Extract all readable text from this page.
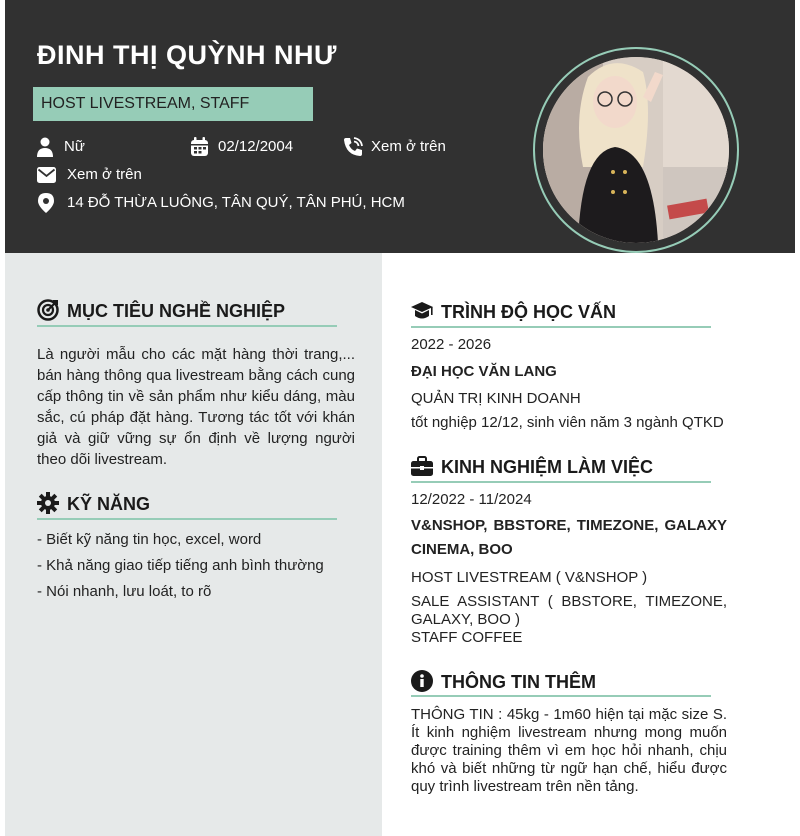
ĐINH THỊ QUỲNH NHƯ
HOST LIVESTREAM, STAFF
Nữ	02/12/2004	Xem ở trên
Xem ở trên
14 ĐỖ THỪA LUÔNG, TÂN QUÝ, TÂN PHÚ, HCM
MỤC TIÊU NGHỀ NGHIỆP
Là người mẫu cho các mặt hàng thời trang,... bán hàng thông qua livestream bằng cách cung cấp thông tin về sản phẩm như kiểu dáng, màu sắc, cú pháp đặt hàng. Tương tác tốt với khán giả và giữ vững sự ổn định về lượng người theo dõi livestream.
KỸ NĂNG
- Biết kỹ năng tin học, excel, word
- Khả năng giao tiếp tiếng anh bình thường
- Nói nhanh, lưu loát, to rõ
TRÌNH ĐỘ HỌC VẤN
2022 - 2026
ĐẠI HỌC VĂN LANG
QUẢN TRỊ KINH DOANH
tốt nghiệp 12/12, sinh viên năm 3 ngành QTKD
KINH NGHIỆM LÀM VIỆC
12/2022 - 11/2024
V&NSHOP, BBSTORE, TIMEZONE, GALAXY CINEMA, BOO
HOST LIVESTREAM ( V&NSHOP )
SALE ASSISTANT ( BBSTORE, TIMEZONE, GALAXY, BOO )
STAFF COFFEE
THÔNG TIN THÊM
THÔNG TIN : 45kg - 1m60 hiện tại mặc size S. Ít kinh nghiệm livestream nhưng mong muốn được training thêm vì em học hỏi nhanh, chịu khó và biết những từ ngữ hạn chế, hiểu được quy trình livestream trên nền tảng.
